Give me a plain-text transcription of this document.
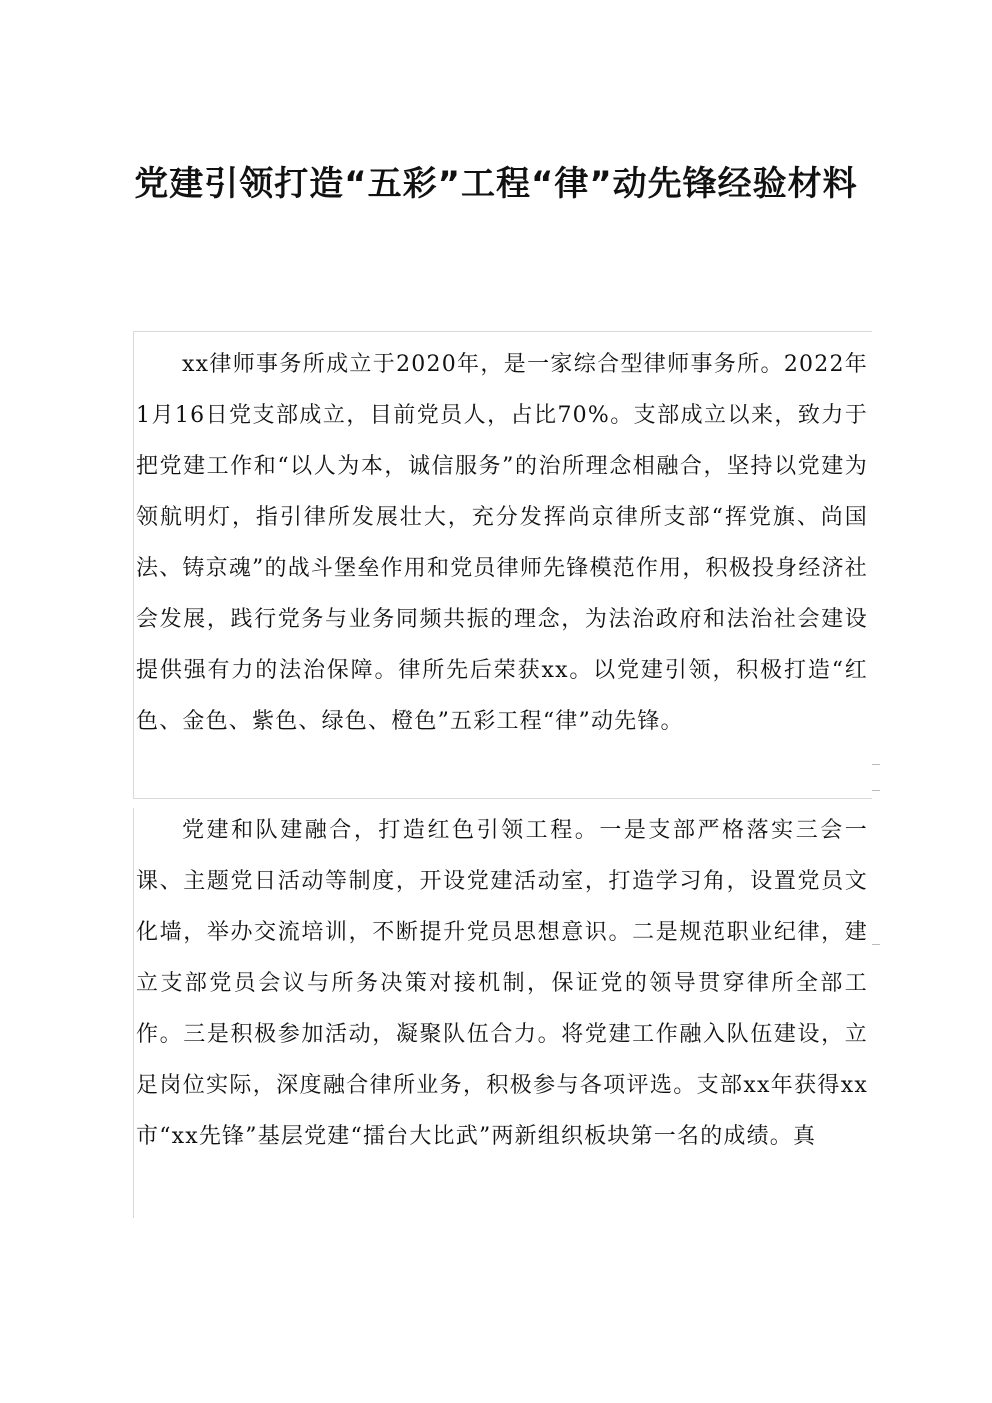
党建引领打造“五彩”工程“律”动先锋经验材料

xx律师事务所成立于2020年，是一家综合型律师事务所。2022年1月16日党支部成立，目前党员人，占比70%。支部成立以来，致力于把党建工作和“以人为本，诚信服务”的治所理念相融合，坚持以党建为领航明灯，指引律所发展壮大，充分发挥尚京律所支部“挥党旗、尚国法、铸京魂”的战斗堡垒作用和党员律师先锋模范作用，积极投身经济社会发展，践行党务与业务同频共振的理念，为法治政府和法治社会建设提供强有力的法治保障。律所先后荣获xx。以党建引领，积极打造“红色、金色、紫色、绿色、橙色”五彩工程“律”动先锋。

党建和队建融合，打造红色引领工程。一是支部严格落实三会一课、主题党日活动等制度，开设党建活动室，打造学习角，设置党员文化墙，举办交流培训，不断提升党员思想意识。二是规范职业纪律，建立支部党员会议与所务决策对接机制，保证党的领导贯穿律所全部工作。三是积极参加活动，凝聚队伍合力。将党建工作融入队伍建设，立足岗位实际，深度融合律所业务，积极参与各项评选。支部xx年获得xx市“xx先锋”基层党建“擂台大比武”两新组织板块第一名的成绩。真
